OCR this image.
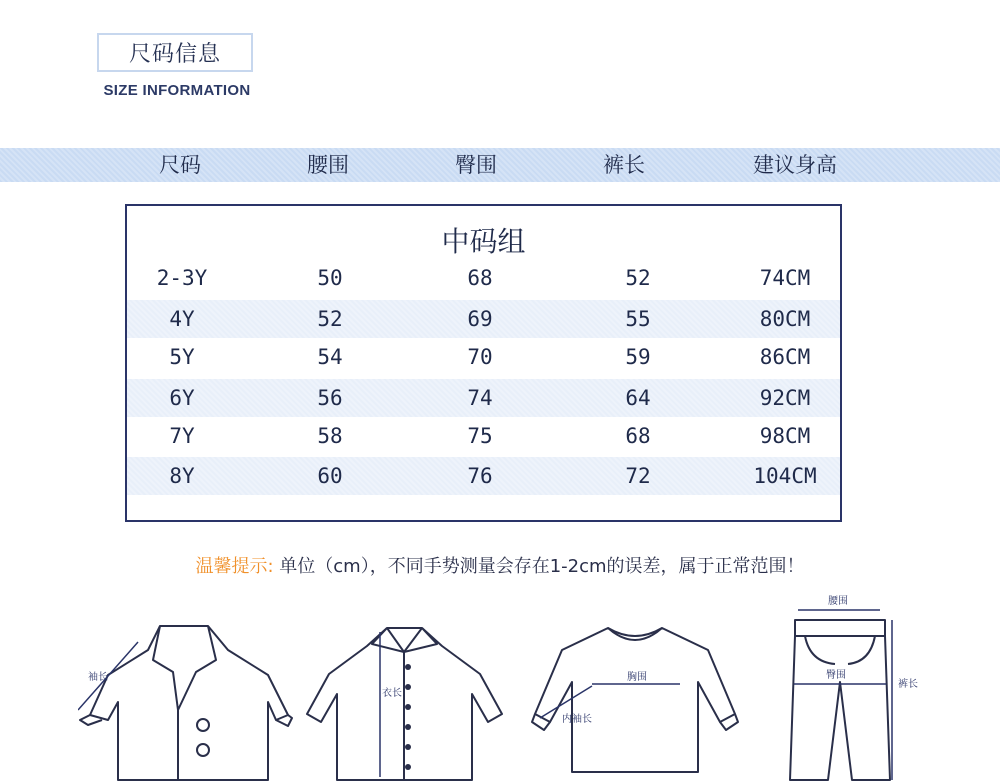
尺码信息
SIZE INFORMATION
尺码	腰围	臀围	裤长	建议身高
中码组
2-3Y	50	68	52	74CM
4Y	52	69	55	80CM
5Y	54	70	59	86CM
6Y	56	74	64	92CM
7Y	58	75	68	98CM
8Y	60	76	72	104CM
温馨提示: 单位（cm），不同手势测量会存在1-2cm的误差，属于正常范围！
袖长
衣长
胸围
内袖长
腰围
臀围
裤长
